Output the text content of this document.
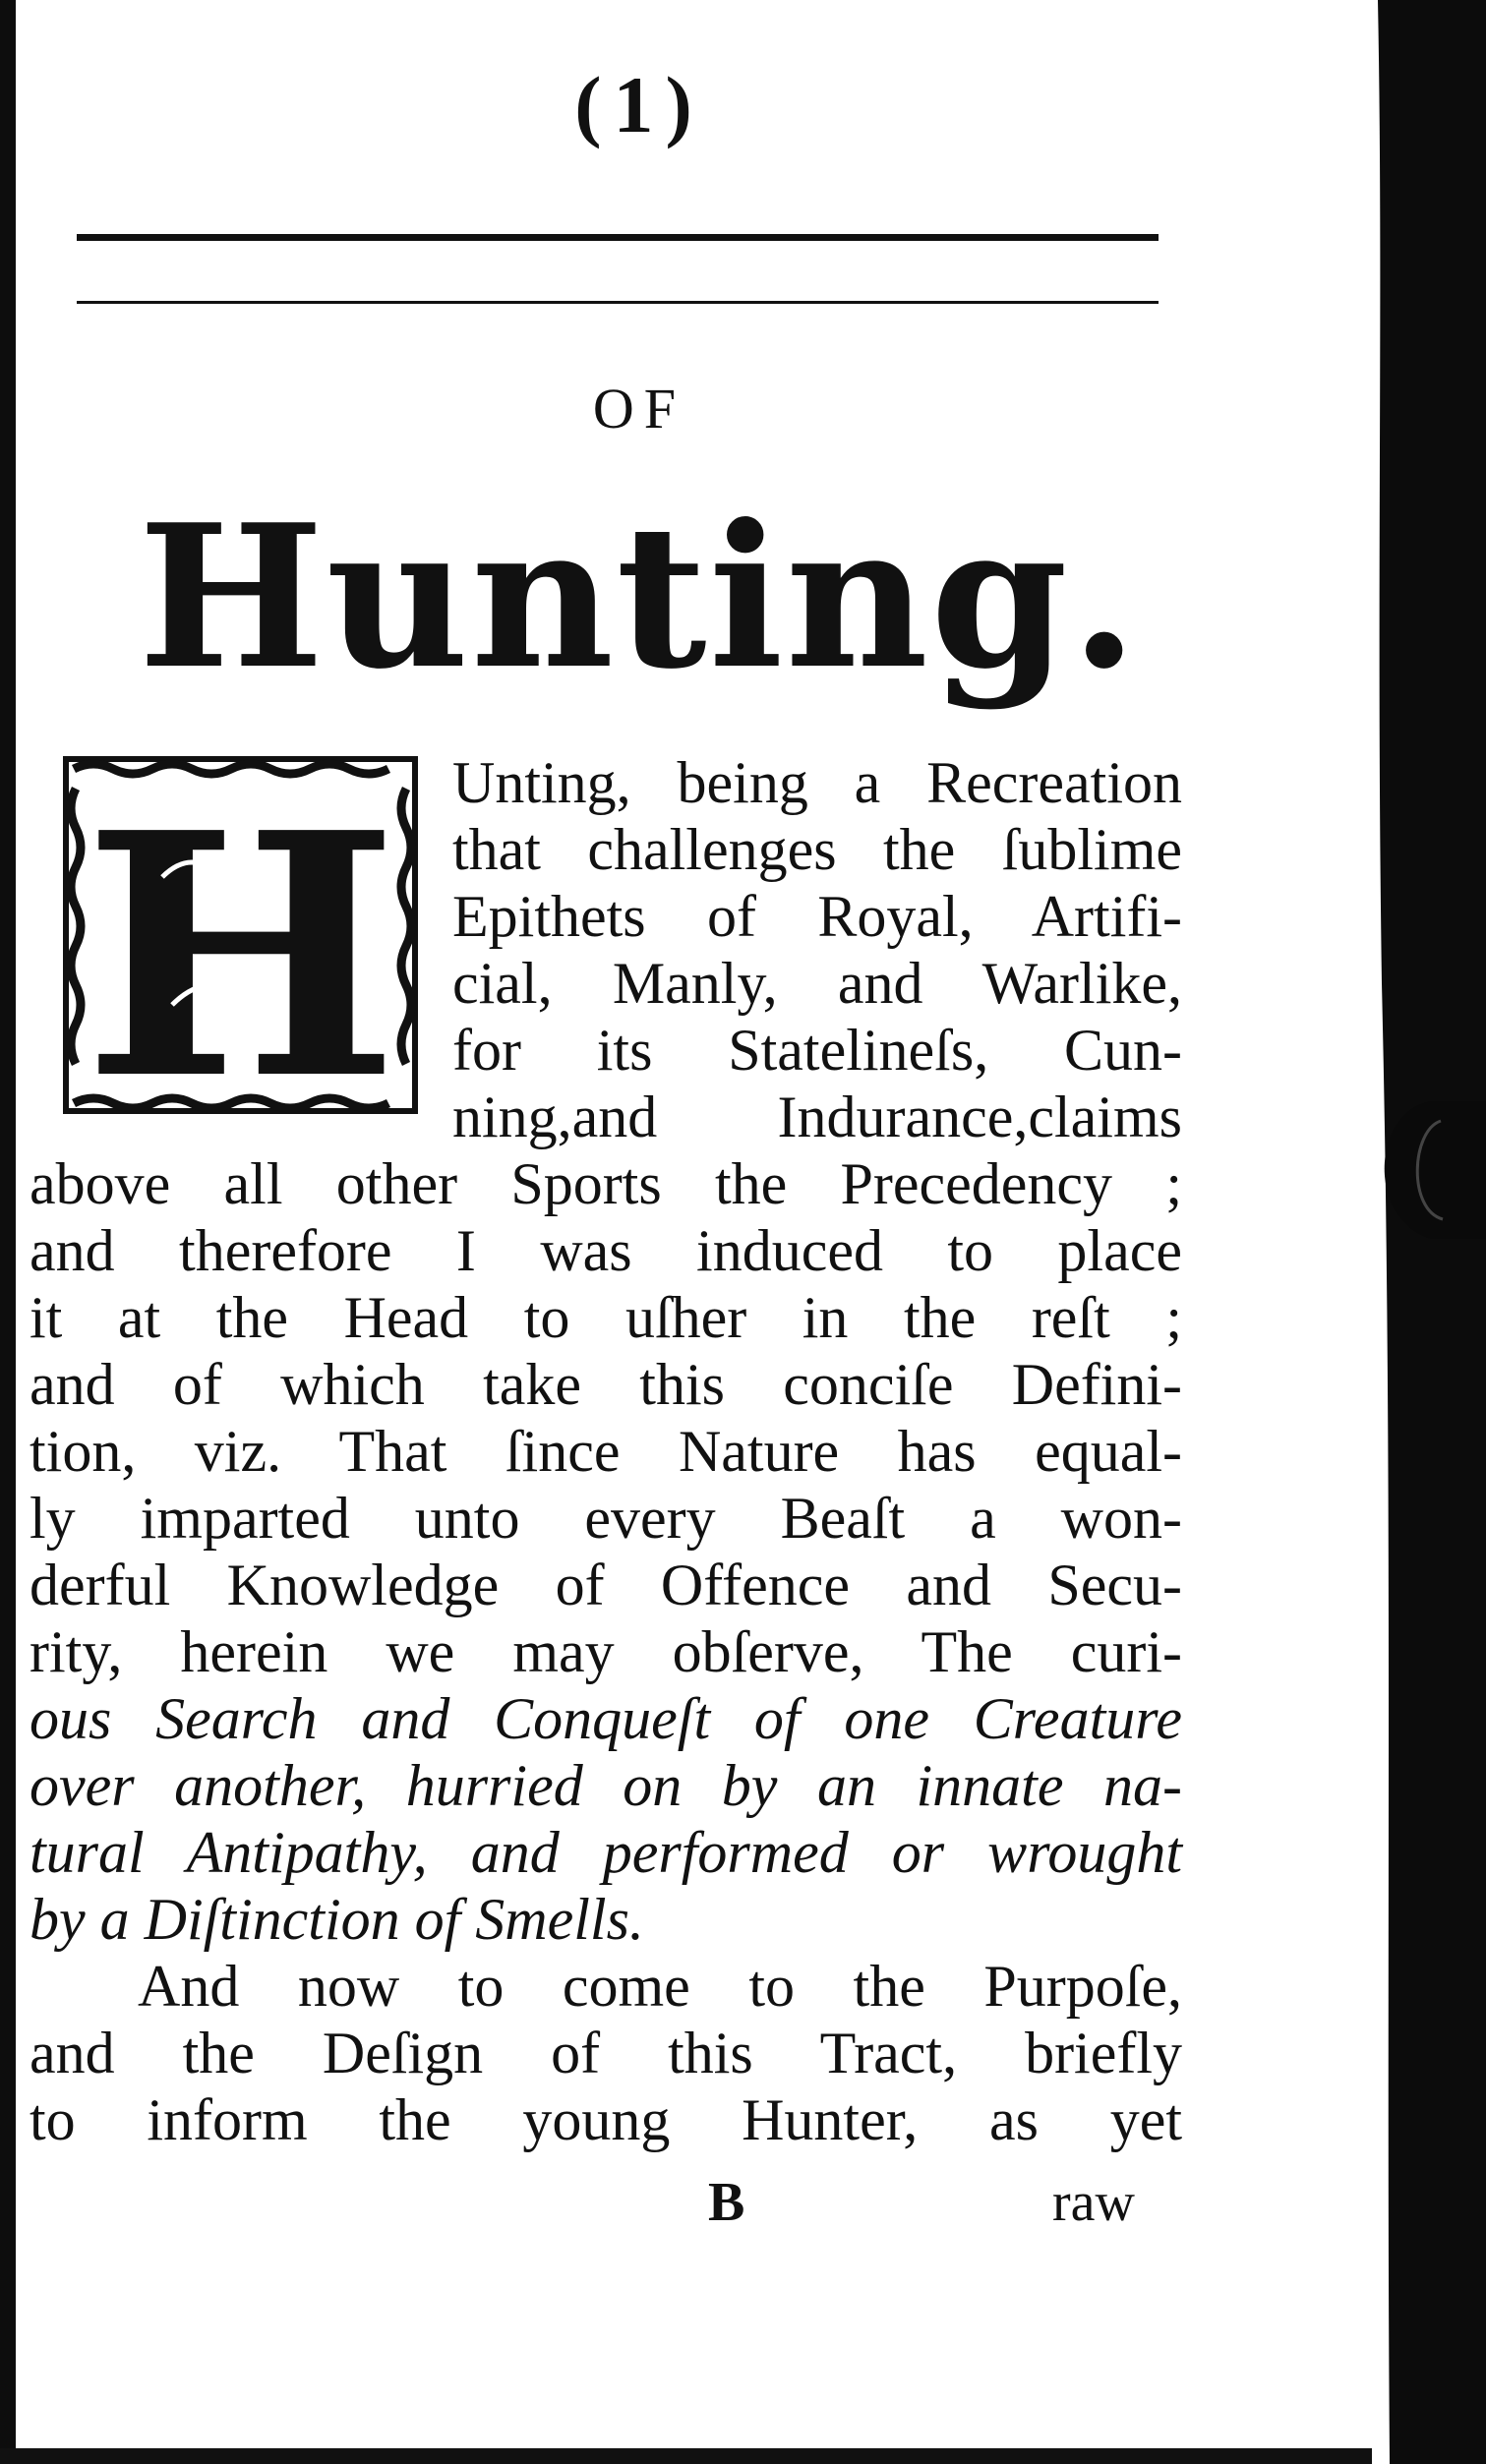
(1)
OF
Hunting.
H Unting, being a Recreation
that challenges the ſublime
Epithets of Royal, Artifi-
cial, Manly, and Warlike,
for its Statelineſs, Cun-
ning,and Indurance,claims
above all other Sports the Precedency ;
and therefore I was induced to place
it at the Head to uſher in the reſt ;
and of which take this conciſe Defini-
tion, viz. That ſince Nature has equal-
ly imparted unto every Beaſt a won-
derful Knowledge of Offence and Secu-
rity, herein we may obſerve, The curi-
ous Search and Conqueſt of one Creature
over another, hurried on by an innate na-
tural Antipathy, and performed or wrought
by a Diſtinction of Smells.
And now to come to the Purpoſe,
and the Deſign of this Tract, briefly
to inform the young Hunter, as yet
B	raw
